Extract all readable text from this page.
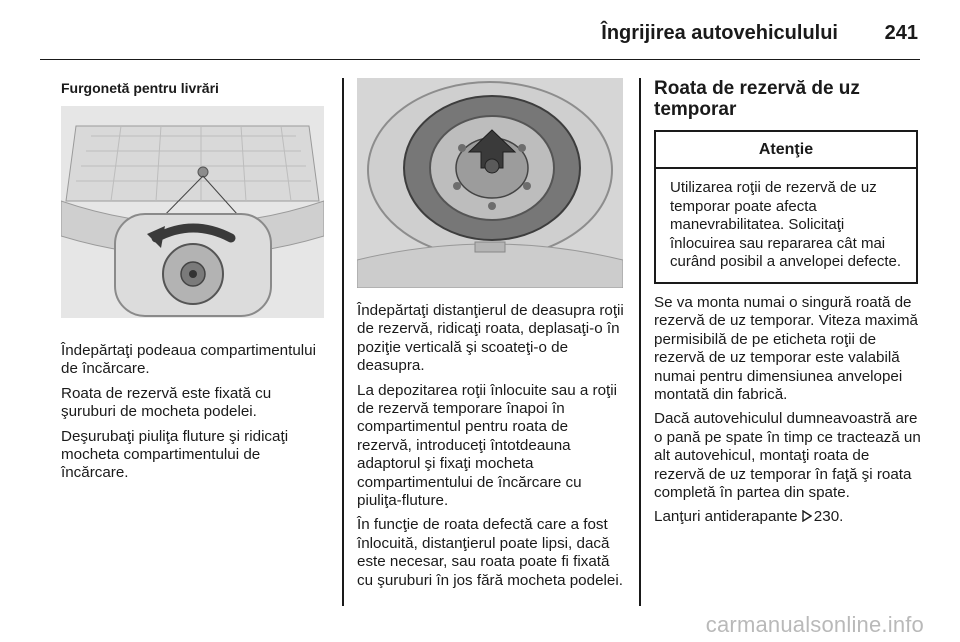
Îngrijirea autovehiculului 241
Furgonetă pentru livrări

Îndepărtaţi podeaua compartimentului de încărcare.

Roata de rezervă este fixată cu şuruburi de mocheta podelei.

Deşurubaţi piuliţa fluture şi ridicaţi mocheta compartimentului de încărcare.

Îndepărtaţi distanţierul de deasupra roţii de rezervă, ridicaţi roata, deplasaţi-o în poziţie verticală şi scoateţi-o de deasupra.

La depozitarea roţii înlocuite sau a roţii de rezervă temporare înapoi în compartimentul pentru roata de rezervă, introduceţi întotdeauna adaptorul şi fixaţi mocheta compartimentului de încărcare cu piuliţa-fluture.

În funcţie de roata defectă care a fost înlocuită, distanţierul poate lipsi, dacă este necesar, sau roata poate fi fixată cu şuruburi în jos fără mocheta podelei.

Roata de rezervă de uz temporar
Atenţie
Utilizarea roţii de rezervă de uz temporar poate afecta manevrabilitatea. Solicitaţi înlocuirea sau repararea cât mai curând posibil a anvelopei defecte.

Se va monta numai o singură roată de rezervă de uz temporar. Viteza maximă permisibilă de pe eticheta roţii de rezervă de uz temporar este valabilă numai pentru dimensiunea anvelopei montată din fabrică.

Dacă autovehiculul dumneavoastră are o pană pe spate în timp ce tractează un alt autovehicul, montaţi roata de rezervă de uz temporar în faţă şi roata completă în partea din spate.

Lanţuri antiderapante 230.

carmanualsonline.info
